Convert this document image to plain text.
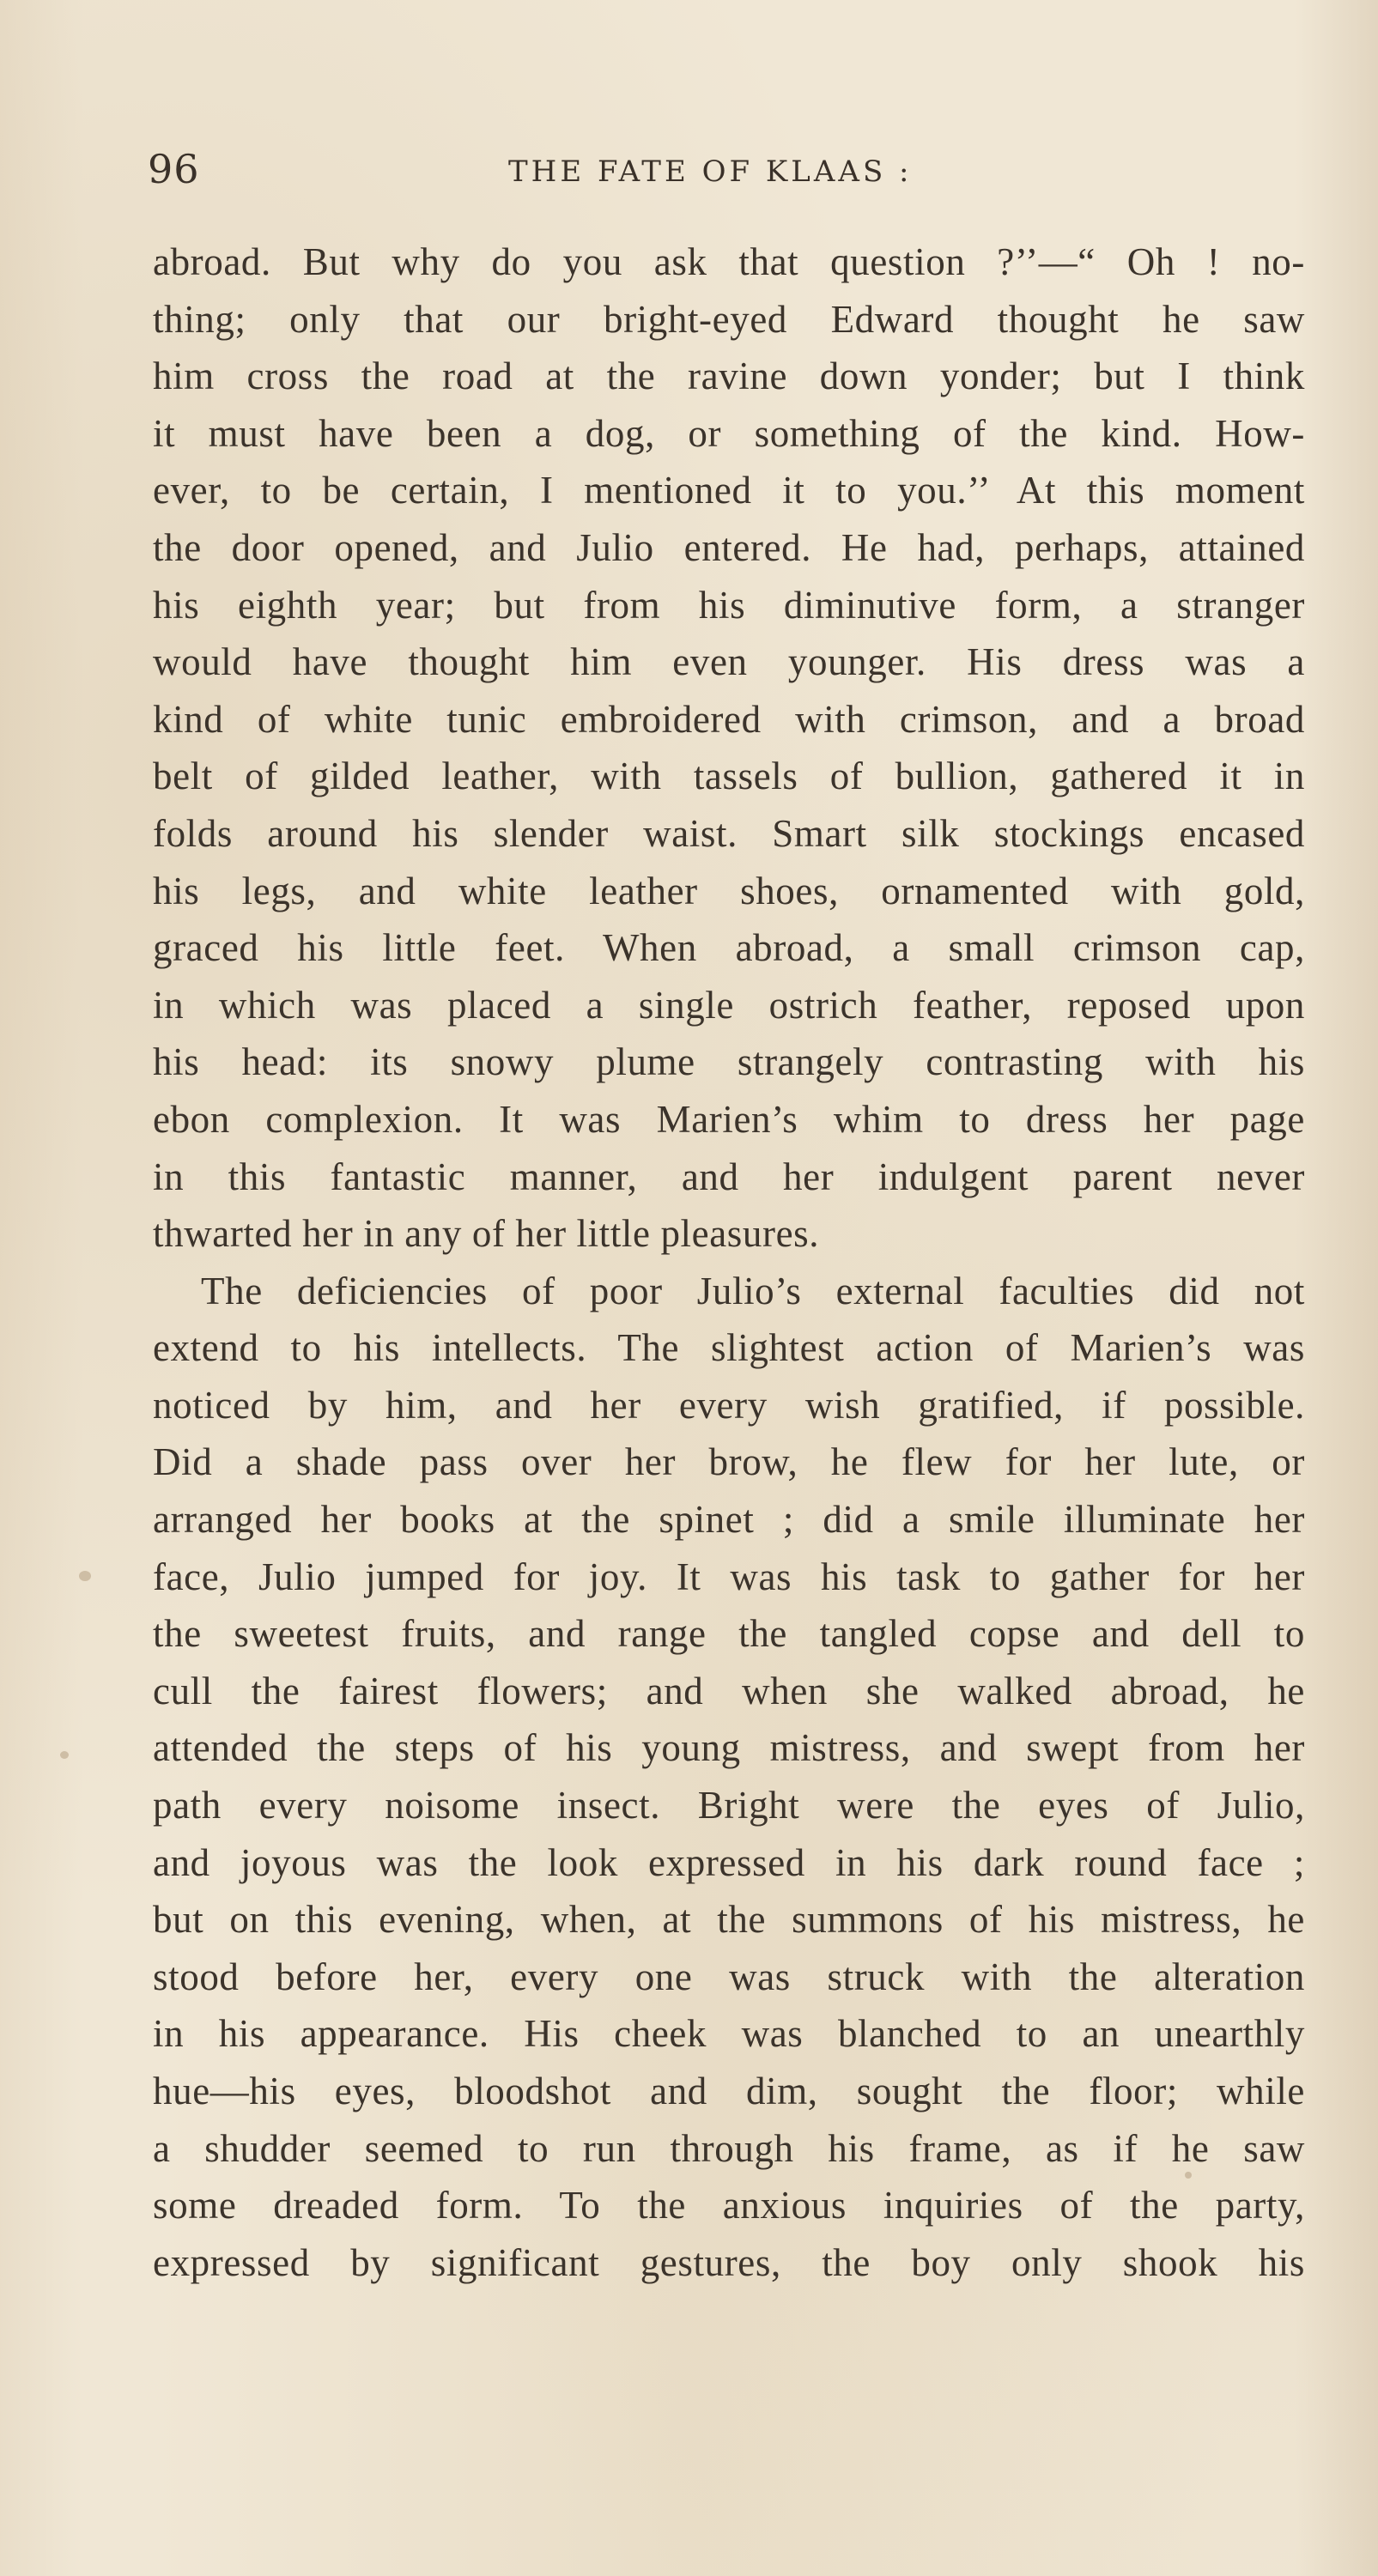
96	THE FATE OF KLAAS :
abroad. But why do you ask that question ?’’—“ Oh ! no-
thing; only that our bright-eyed Edward thought he saw
him cross the road at the ravine down yonder; but I think
it must have been a dog, or something of the kind. How-
ever, to be certain, I mentioned it to you.’’ At this moment
the door opened, and Julio entered. He had, perhaps, attained
his eighth year; but from his diminutive form, a stranger
would have thought him even younger. His dress was a
kind of white tunic embroidered with crimson, and a broad
belt of gilded leather, with tassels of bullion, gathered it in
folds around his slender waist. Smart silk stockings encased
his legs, and white leather shoes, ornamented with gold,
graced his little feet. When abroad, a small crimson cap,
in which was placed a single ostrich feather, reposed upon
his head: its snowy plume strangely contrasting with his
ebon complexion. It was Marien’s whim to dress her page
in this fantastic manner, and her indulgent parent never
thwarted her in any of her little pleasures.
The deficiencies of poor Julio’s external faculties did not
extend to his intellects. The slightest action of Marien’s was
noticed by him, and her every wish gratified, if possible.
Did a shade pass over her brow, he flew for her lute, or
arranged her books at the spinet ; did a smile illuminate her
face, Julio jumped for joy. It was his task to gather for her
the sweetest fruits, and range the tangled copse and dell to
cull the fairest flowers; and when she walked abroad, he
attended the steps of his young mistress, and swept from her
path every noisome insect. Bright were the eyes of Julio,
and joyous was the look expressed in his dark round face ;
but on this evening, when, at the summons of his mistress, he
stood before her, every one was struck with the alteration
in his appearance. His cheek was blanched to an unearthly
hue—his eyes, bloodshot and dim, sought the floor; while
a shudder seemed to run through his frame, as if he saw
some dreaded form. To the anxious inquiries of the party,
expressed by significant gestures, the boy only shook his
